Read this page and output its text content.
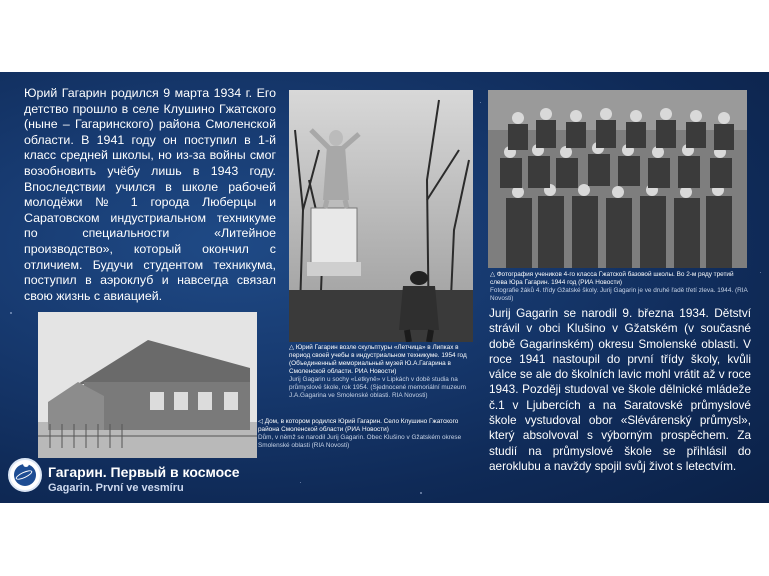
Юрий Гагарин родился 9 марта 1934 г. Его детство прошло в селе Клушино Гжатского (ныне – Гагаринского) района Смоленской области. В 1941 году он поступил в 1-й класс средней школы, но из-за войны смог возобновить учёбу лишь в 1943 году. Впоследствии учился в школе рабочей молодёжи № 1 города Люберцы и Саратовском индустриальном техникуме по специальности «Литейное производство», который окончил с отличием. Будучи студентом техникума, поступил в аэроклуб и навсегда связал свою жизнь с авиацией.

△ Юрий Гагарин возле скульптуры «Летчица» в Липках в период своей учебы в индустриальном техникуме. 1954 год (Объединенный мемориальный музей Ю.А.Гагарина в Смоленской области. РИА Новости)
Jurij Gagarin u sochy «Letkyně» v Lipkách v době studia na průmyslové škole, rok 1954. (Sjednocené memoriální muzeum J.A.Gagarina ve Smolenské oblasti. RIA Novosti)

△ Фотография учеников 4-го класса Гжатской базовой школы. Во 2-м ряду третий слева Юра Гагарин. 1944 год (РИА Новости)
Fotografie žáků 4. třídy Gžatské školy. Jurij Gagarin je ve druhé řadě třetí zleva. 1944. (RIA Novosti)

◁ Дом, в котором родился Юрий Гагарин. Село Клушино Гжатского района Смоленской области (РИА Новости)
Dům, v němž se narodil Jurij Gagarin. Obec Klušino v Gžatském okrese Smolenské oblasti (RIA Novosti)

Jurij Gagarin se narodil 9. března 1934. Dětství strávil v obci Klušino v Gžatském (v současné době Gagarinském) okresu Smolenské oblasti. V roce 1941 nastoupil do první třídy školy, kvůli válce se ale do školních lavic mohl vrátit až v roce 1943. Později studoval ve škole dělnické mládeže č.1 v Ljubercích a na Saratovské průmyslové škole vystudoval obor «Slévárenský průmysl», který absolvoval s výborným prospěchem. Za studií na průmyslové škole se přihlásil do aeroklubu a navždy spojil svůj život s letectvím.

Гагарин. Первый в космосе

Gagarin. První ve vesmíru
